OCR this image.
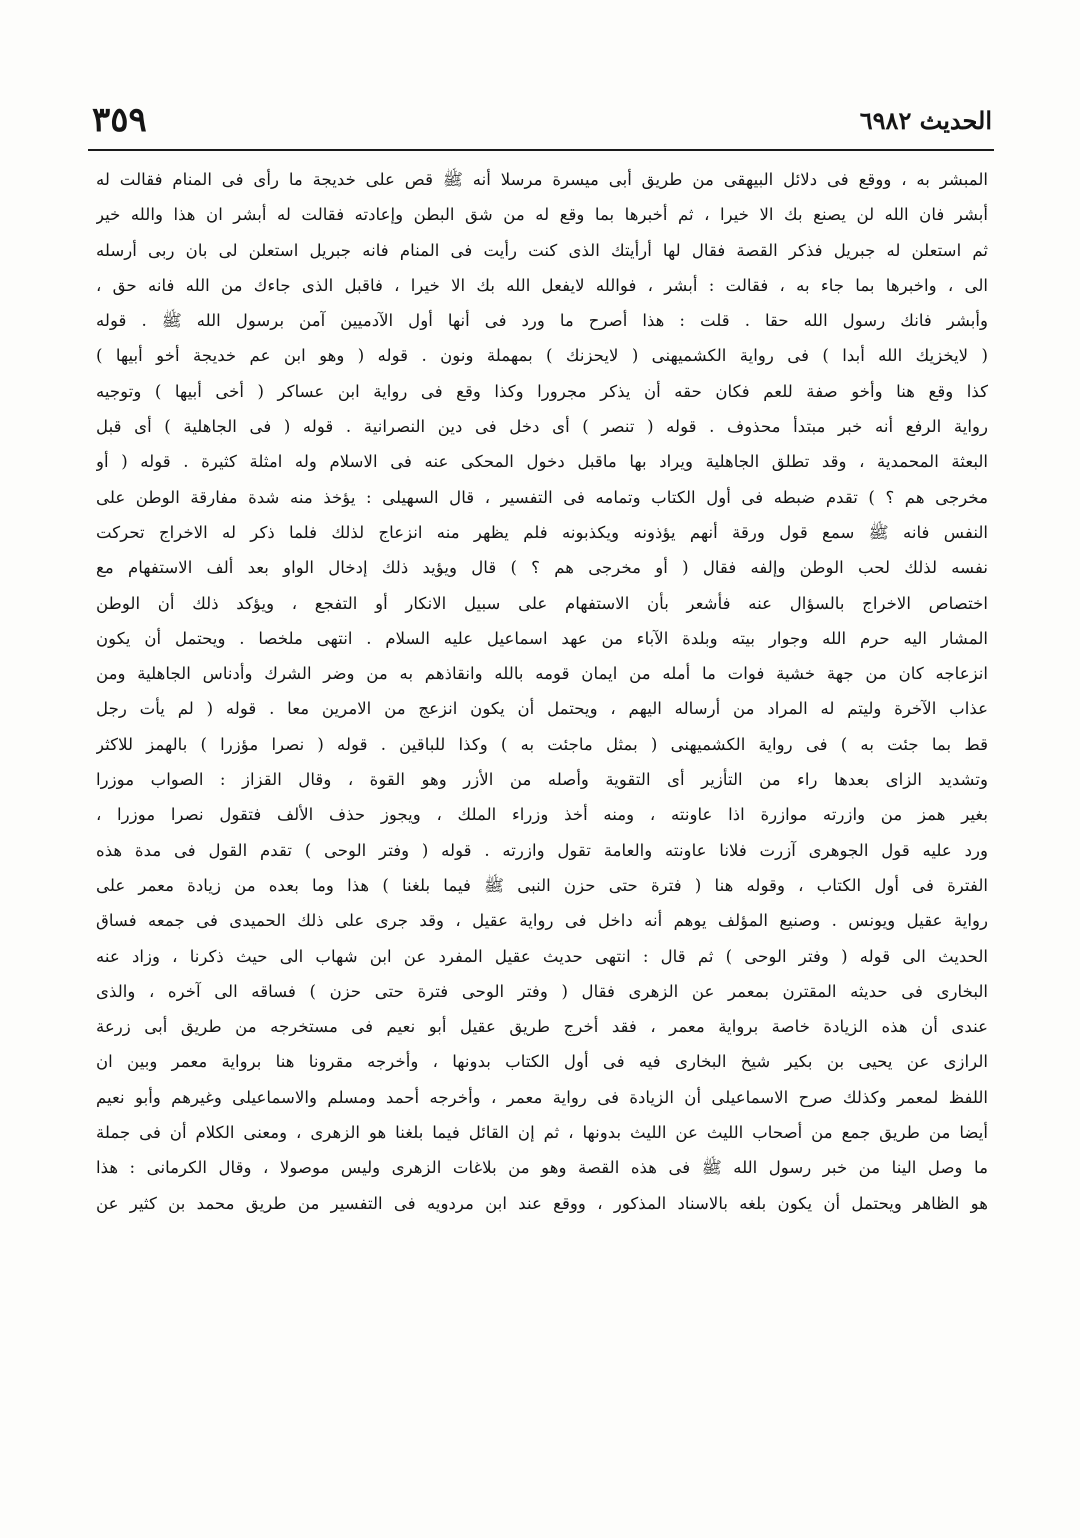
٣٥٩	الحديث ٦٩٨٢
المبشر به ، ووقع فى دلائل البيهقى من طريق أبى ميسرة مرسلا أنه ﷺ قص على خديجة ما رأى فى المنام فقالت له
أبشر فان الله لن يصنع بك الا خيرا ، ثم أخبرها بما وقع له من شق البطن وإعادته فقالت له أبشر ان هذا والله خير
ثم استعلن له جبريل فذكر القصة فقال لها أرأيتك الذى كنت رأيت فى المنام فانه جبريل استعلن لى بان ربى أرسله
الى ، واخبرها بما جاء به ، فقالت : أبشر ، فوالله لايفعل الله بك الا خيرا ، فاقبل الذى جاءك من الله فانه حق ،
وأبشر فانك رسول الله حقا . قلت : هذا أصرح ما ورد فى أنها أول الآدميين آمن برسول الله ﷺ . قوله
( لايخزيك الله أبدا ) فى رواية الكشميهنى ( لايحزنك ) بمهملة ونون . قوله ( وهو ابن عم خديجة أخو أبيها )
كذا وقع هنا وأخو صفة للعم فكان حقه أن يذكر مجرورا وكذا وقع فى رواية ابن عساكر ( أخى أبيها ) وتوجيه
رواية الرفع أنه خبر مبتدأ محذوف . قوله ( تنصر ) أى دخل فى دين النصرانية . قوله ( فى الجاهلية ) أى قبل
البعثة المحمدية ، وقد تطلق الجاهلية ويراد بها ماقبل دخول المحكى عنه فى الاسلام وله امثلة كثيرة . قوله ( أو
مخرجى هم ؟ ) تقدم ضبطه فى أول الكتاب وتمامه فى التفسير ، قال السهيلى : يؤخذ منه شدة مفارقة الوطن على
النفس فانه ﷺ سمع قول ورقة أنهم يؤذونه ويكذبونه فلم يظهر منه انزعاج لذلك فلما ذكر له الاخراج تحركت
نفسه لذلك لحب الوطن وإلفه فقال ( أو مخرجى هم ؟ ) قال ويؤيد ذلك إدخال الواو بعد ألف الاستفهام مع
اختصاص الاخراج بالسؤال عنه فأشعر بأن الاستفهام على سبيل الانكار أو التفجع ، ويؤكد ذلك أن الوطن
المشار اليه حرم الله وجوار بيته وبلدة الآباء من عهد اسماعيل عليه السلام . انتهى ملخصا . ويحتمل أن يكون
انزعاجه كان من جهة خشية فوات ما أمله من ايمان قومه بالله وانقاذهم به من وضر الشرك وأدناس الجاهلية ومن
عذاب الآخرة وليتم له المراد من أرساله اليهم ، ويحتمل أن يكون انزعج من الامرين معا . قوله ( لم يأت رجل
قط بما جئت به ) فى رواية الكشميهنى ( بمثل ماجئت به ) وكذا للباقين . قوله ( نصرا مؤزرا ) بالهمز للاكثر
وتشديد الزاى بعدها راء من التأزير أى التقوية وأصله من الأزر وهو القوة ، وقال القزاز : الصواب موزرا
بغير همز من وازرته موازرة اذا عاونته ، ومنه أخذ وزراء الملك ، ويجوز حذف الألف فتقول نصرا موزرا ،
ورد عليه قول الجوهرى آزرت فلانا عاونته والعامة تقول وازرته . قوله ( وفتر الوحى ) تقدم القول فى مدة هذه
الفترة فى أول الكتاب ، وقوله هنا ( فترة حتى حزن النبى ﷺ فيما بلغنا ) هذا وما بعده من زيادة معمر على
رواية عقيل ويونس . وصنيع المؤلف يوهم أنه داخل فى رواية عقيل ، وقد جرى على ذلك الحميدى فى جمعه فساق
الحديث الى قوله ( وفتر الوحى ) ثم قال : انتهى حديث عقيل المفرد عن ابن شهاب الى حيث ذكرنا ، وزاد عنه
البخارى فى حديثه المقترن بمعمر عن الزهرى فقال ( وفتر الوحى فترة حتى حزن ) فساقه الى آخره ، والذى
عندى أن هذه الزيادة خاصة برواية معمر ، فقد أخرج طريق عقيل أبو نعيم فى مستخرجه من طريق أبى زرعة
الرازى عن يحيى بن بكير شيخ البخارى فيه فى أول الكتاب بدونها ، وأخرجه مقرونا هنا برواية معمر وبين ان
اللفظ لمعمر وكذلك صرح الاسماعيلى أن الزيادة فى رواية معمر ، وأخرجه أحمد ومسلم والاسماعيلى وغيرهم وأبو نعيم
أيضا من طريق جمع من أصحاب الليث عن الليث بدونها ، ثم إن القائل فيما بلغنا هو الزهرى ، ومعنى الكلام أن فى جملة
ما وصل الينا من خبر رسول الله ﷺ فى هذه القصة وهو من بلاغات الزهرى وليس موصولا ، وقال الكرمانى : هذا
هو الظاهر ويحتمل أن يكون بلغه بالاسناد المذكور ، ووقع عند ابن مردويه فى التفسير من طريق محمد بن كثير عن
